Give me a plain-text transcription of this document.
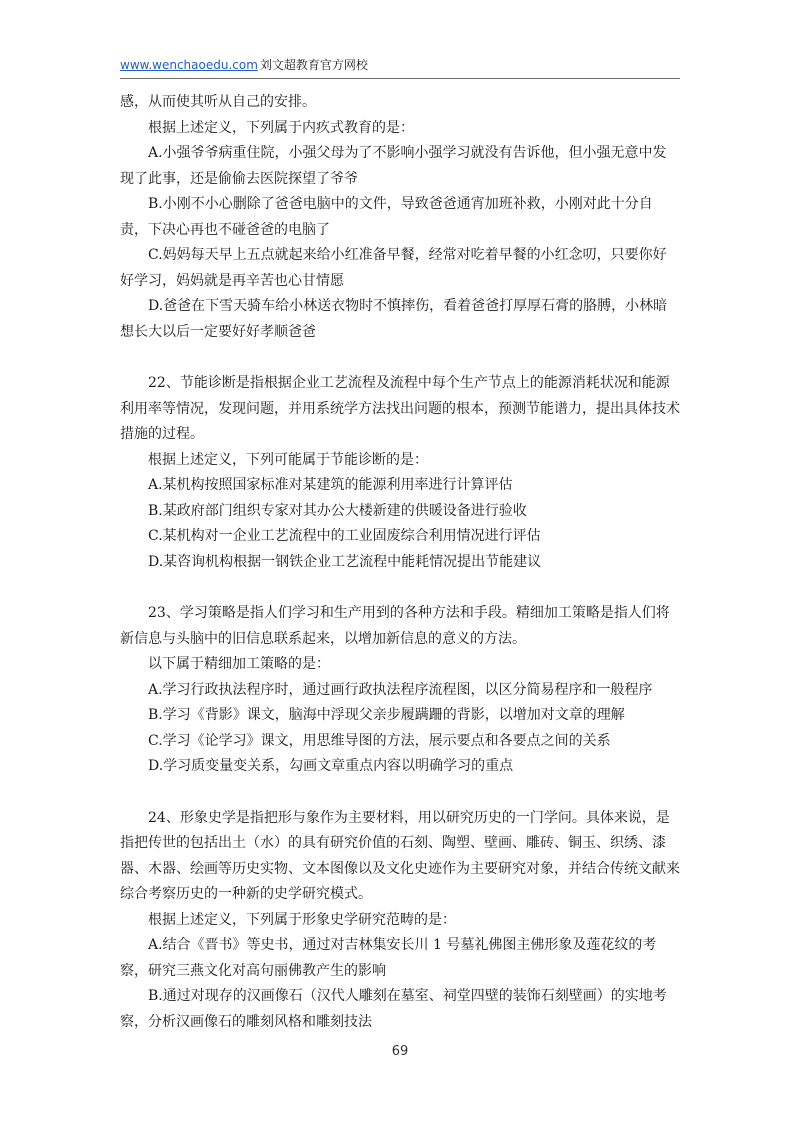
www.wenchaoedu.com 刘文超教育官方网校

感，从而使其听从自己的安排。

根据上述定义，下列属于内疚式教育的是：

A.小强爷爷病重住院，小强父母为了不影响小强学习就没有告诉他，但小强无意中发现了此事，还是偷偷去医院探望了爷爷

B.小刚不小心删除了爸爸电脑中的文件，导致爸爸通宵加班补救，小刚对此十分自责，下决心再也不碰爸爸的电脑了

C.妈妈每天早上五点就起来给小红准备早餐，经常对吃着早餐的小红念叨，只要你好好学习，妈妈就是再辛苦也心甘情愿

D.爸爸在下雪天骑车给小林送衣物时不慎摔伤，看着爸爸打厚厚石膏的胳膊，小林暗想长大以后一定要好好孝顺爸爸

22、节能诊断是指根据企业工艺流程及流程中每个生产节点上的能源消耗状况和能源利用率等情况，发现问题，并用系统学方法找出问题的根本，预测节能谱力，提出具体技术措施的过程。

根据上述定义，下列可能属于节能诊断的是：

A.某机构按照国家标准对某建筑的能源利用率进行计算评估

B.某政府部门组织专家对其办公大楼新建的供暖设备进行验收

C.某机构对一企业工艺流程中的工业固废综合利用情况进行评估

D.某咨询机构根据一钢铁企业工艺流程中能耗情况提出节能建议

23、学习策略是指人们学习和生产用到的各种方法和手段。精细加工策略是指人们将新信息与头脑中的旧信息联系起来，以增加新信息的意义的方法。

以下属于精细加工策略的是：

A.学习行政执法程序时，通过画行政执法程序流程图，以区分简易程序和一般程序

B.学习《背影》课文，脑海中浮现父亲步履蹒跚的背影，以增加对文章的理解

C.学习《论学习》课文，用思维导图的方法，展示要点和各要点之间的关系

D.学习质变量变关系，勾画文章重点内容以明确学习的重点

24、形象史学是指把形与象作为主要材料，用以研究历史的一门学问。具体来说，是指把传世的包括出土（水）的具有研究价值的石刻、陶塑、壁画、雕砖、铜玉、织绣、漆器、木器、绘画等历史实物、文本图像以及文化史迹作为主要研究对象，并结合传统文献来综合考察历史的一种新的史学研究模式。

根据上述定义，下列属于形象史学研究范畴的是：

A.结合《晋书》等史书，通过对吉林集安长川 1 号墓礼佛图主佛形象及莲花纹的考察，研究三燕文化对高句丽佛教产生的影响

B.通过对现存的汉画像石（汉代人雕刻在墓室、祠堂四壁的装饰石刻壁画）的实地考察，分析汉画像石的雕刻风格和雕刻技法

69
